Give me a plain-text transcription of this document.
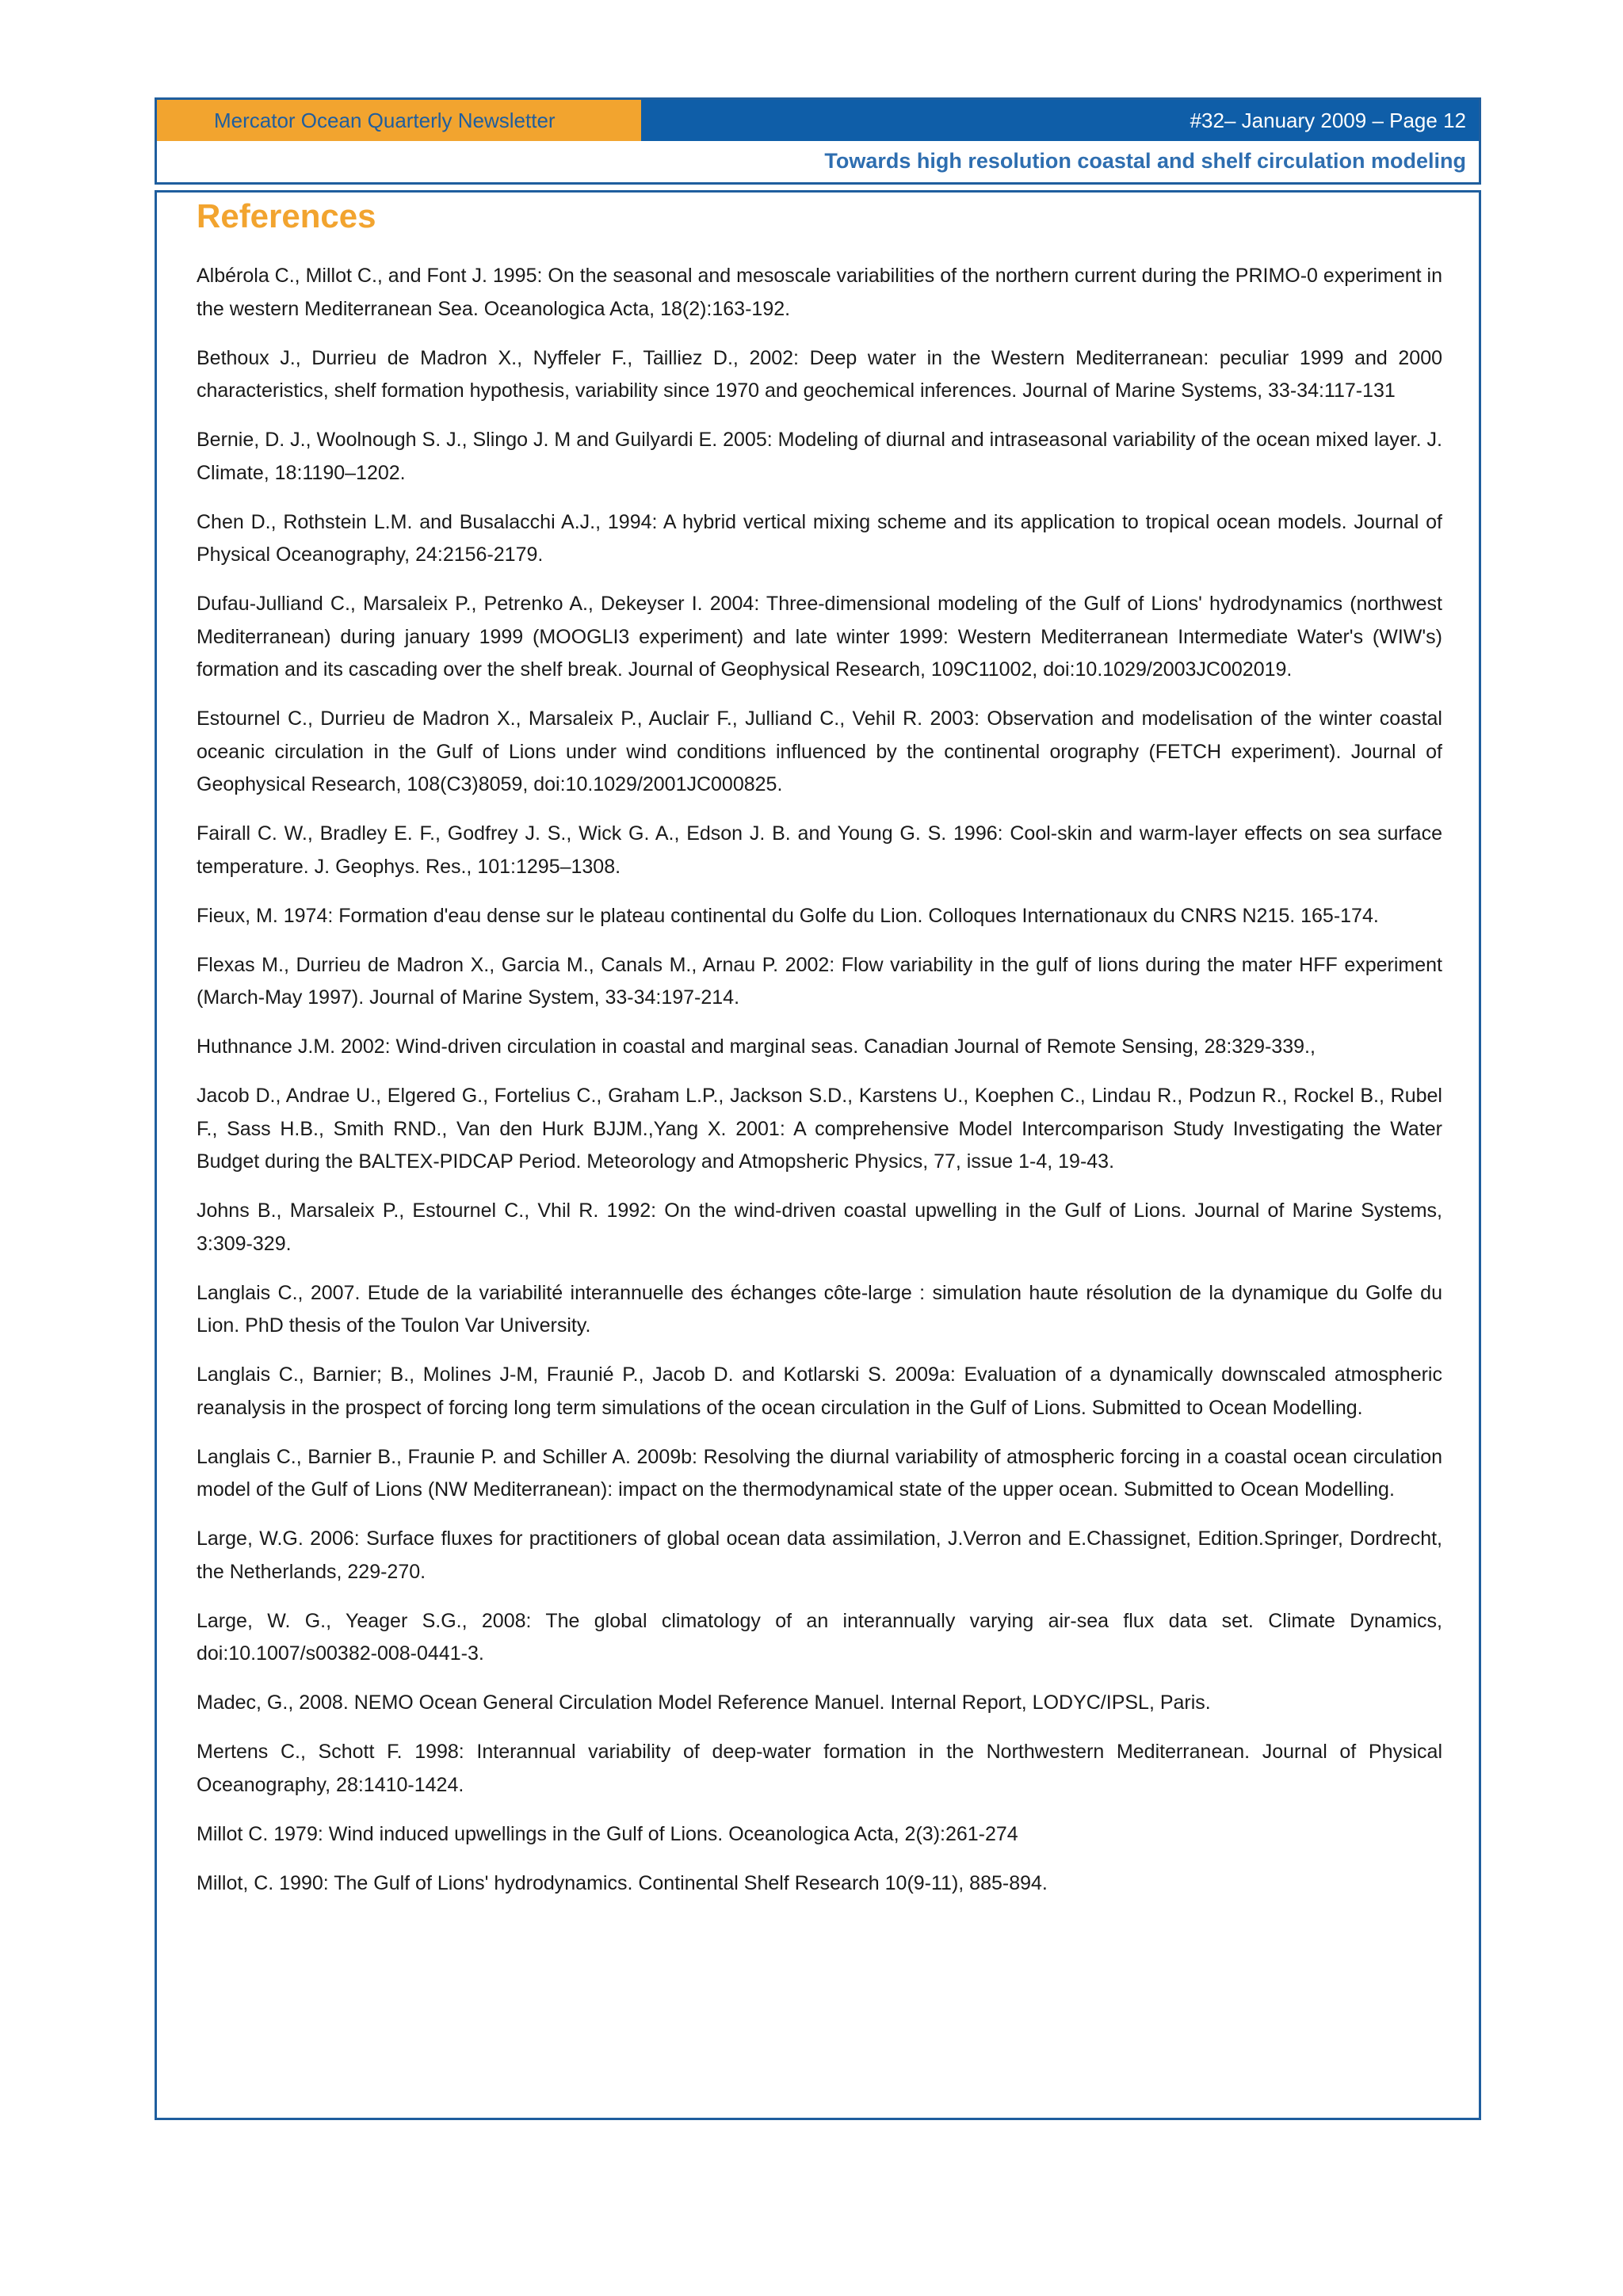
Mercator Ocean Quarterly Newsletter	#32– January 2009 – Page 12
Towards high resolution coastal and shelf circulation modeling
References

Albérola C., Millot C., and Font J. 1995: On the seasonal and mesoscale variabilities of the northern current during the PRIMO-0 experiment in the western Mediterranean Sea. Oceanologica Acta, 18(2):163-192.

Bethoux J., Durrieu de Madron X., Nyffeler F., Tailliez D., 2002: Deep water in the Western Mediterranean: peculiar 1999 and 2000 characteristics, shelf formation hypothesis, variability since 1970 and geochemical inferences. Journal of Marine Systems, 33-34:117-131

Bernie, D. J., Woolnough S. J., Slingo J. M and Guilyardi E. 2005: Modeling of diurnal and intraseasonal variability of the ocean mixed layer. J. Climate, 18:1190–1202.

Chen D., Rothstein L.M. and Busalacchi A.J., 1994: A hybrid vertical mixing scheme and its application to tropical ocean models. Journal of Physical Oceanography, 24:2156-2179.

Dufau-Julliand C., Marsaleix P., Petrenko A., Dekeyser I. 2004: Three-dimensional modeling of the Gulf of Lions' hydrodynamics (northwest Mediterranean) during january 1999 (MOOGLI3 experiment) and late winter 1999: Western Mediterranean Intermediate Water's (WIW's) formation and its cascading over the shelf break. Journal of Geophysical Research, 109C11002, doi:10.1029/2003JC002019.

Estournel C., Durrieu de Madron X., Marsaleix P., Auclair F., Julliand C., Vehil R. 2003: Observation and modelisation of the winter coastal oceanic circulation in the Gulf of Lions under wind conditions influenced by the continental orography (FETCH experiment). Journal of Geophysical Research, 108(C3)8059, doi:10.1029/2001JC000825.

Fairall C. W., Bradley E. F., Godfrey J. S., Wick G. A., Edson J. B. and Young G. S. 1996: Cool-skin and warm-layer effects on sea surface temperature. J. Geophys. Res., 101:1295–1308.

Fieux, M. 1974: Formation d'eau dense sur le plateau continental du Golfe du Lion. Colloques Internationaux du CNRS N215. 165-174.

Flexas M., Durrieu de Madron X., Garcia M., Canals M., Arnau P. 2002: Flow variability in the gulf of lions during the mater HFF experiment (March-May 1997). Journal of Marine System, 33-34:197-214.

Huthnance J.M. 2002: Wind-driven circulation in coastal and marginal seas. Canadian Journal of Remote Sensing, 28:329-339.,

Jacob D., Andrae U., Elgered G., Fortelius C., Graham L.P., Jackson S.D., Karstens U., Koephen C., Lindau R., Podzun R., Rockel B., Rubel F., Sass H.B., Smith RND., Van den Hurk BJJM.,Yang X. 2001: A comprehensive Model Intercomparison Study Investigating the Water Budget during the BALTEX-PIDCAP Period. Meteorology and Atmopsheric Physics, 77, issue 1-4, 19-43.

Johns B., Marsaleix P., Estournel C., Vhil R. 1992: On the wind-driven coastal upwelling in the Gulf of Lions. Journal of Marine Systems, 3:309-329.

Langlais C., 2007. Etude de la variabilité interannuelle des échanges côte-large : simulation haute résolution de la dynamique du Golfe du Lion. PhD thesis of the Toulon Var University.

Langlais C., Barnier; B., Molines J-M, Fraunié P., Jacob D. and Kotlarski S. 2009a: Evaluation of a dynamically downscaled atmospheric reanalysis in the prospect of forcing long term simulations of the ocean circulation in the Gulf of Lions. Submitted to Ocean Modelling.

Langlais C., Barnier B., Fraunie P. and Schiller A. 2009b: Resolving the diurnal variability of atmospheric forcing in a coastal ocean circulation model of the Gulf of Lions (NW Mediterranean): impact on the thermodynamical state of the upper ocean. Submitted to Ocean Modelling.

Large, W.G. 2006: Surface fluxes for practitioners of global ocean data assimilation, J.Verron and E.Chassignet, Edition.Springer, Dordrecht, the Netherlands, 229-270.

Large, W. G., Yeager S.G., 2008: The global climatology of an interannually varying air-sea flux data set. Climate Dynamics, doi:10.1007/s00382-008-0441-3.

Madec, G., 2008. NEMO Ocean General Circulation Model Reference Manuel. Internal Report, LODYC/IPSL, Paris.

Mertens C., Schott F. 1998: Interannual variability of deep-water formation in the Northwestern Mediterranean. Journal of Physical Oceanography, 28:1410-1424.

Millot C. 1979: Wind induced upwellings in the Gulf of Lions. Oceanologica Acta, 2(3):261-274

Millot, C. 1990: The Gulf of Lions' hydrodynamics. Continental Shelf Research 10(9-11), 885-894.
